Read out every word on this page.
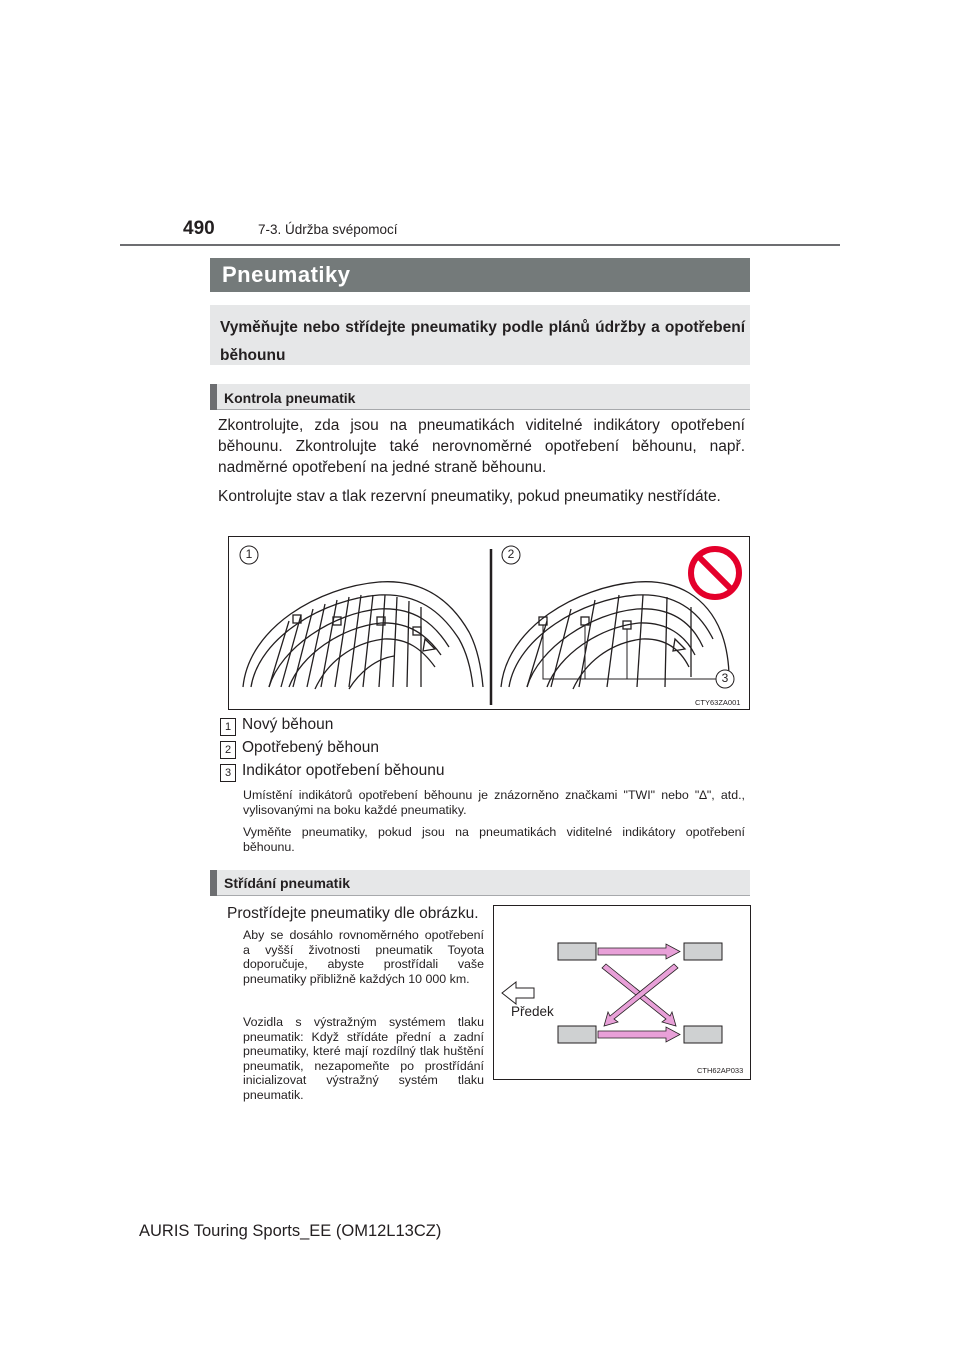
490	7-3. Údržba svépomocí
Pneumatiky
Vyměňujte nebo střídejte pneumatiky podle plánů údržby a opotřebení běhounu
Kontrola pneumatik
Zkontrolujte, zda jsou na pneumatikách viditelné indikátory opotřebení běhounu. Zkontrolujte také nerovnoměrné opotřebení běhounu, např. nadměrné opotřebení na jedné straně běhounu.
Kontrolujte stav a tlak rezervní pneumatiky, pokud pneumatiky nestřídáte.
1	2
3
CTY63ZA001
1 Nový běhoun
2 Opotřebený běhoun
3 Indikátor opotřebení běhounu
Umístění indikátorů opotřebení běhounu je znázorněno značkami "TWI" nebo "∆", atd., vylisovanými na boku každé pneumatiky.
Vyměňte pneumatiky, pokud jsou na pneumatikách viditelné indikátory opotřebení běhounu.
Střídání pneumatik
Prostřídejte pneumatiky dle obrázku.
Aby se dosáhlo rovnoměrného opotřebení a vyšší životnosti pneumatik Toyota doporučuje, abyste prostřídali vaše pneumatiky přibližně každých 10 000 km.
Vozidla s výstražným systémem tlaku pneumatik: Když střídáte přední a zadní pneumatiky, které mají rozdílný tlak huštění pneumatik, nezapomeňte po prostřídání inicializovat výstražný systém tlaku pneumatik.
Předek
CTH62AP033
AURIS Touring Sports_EE (OM12L13CZ)
